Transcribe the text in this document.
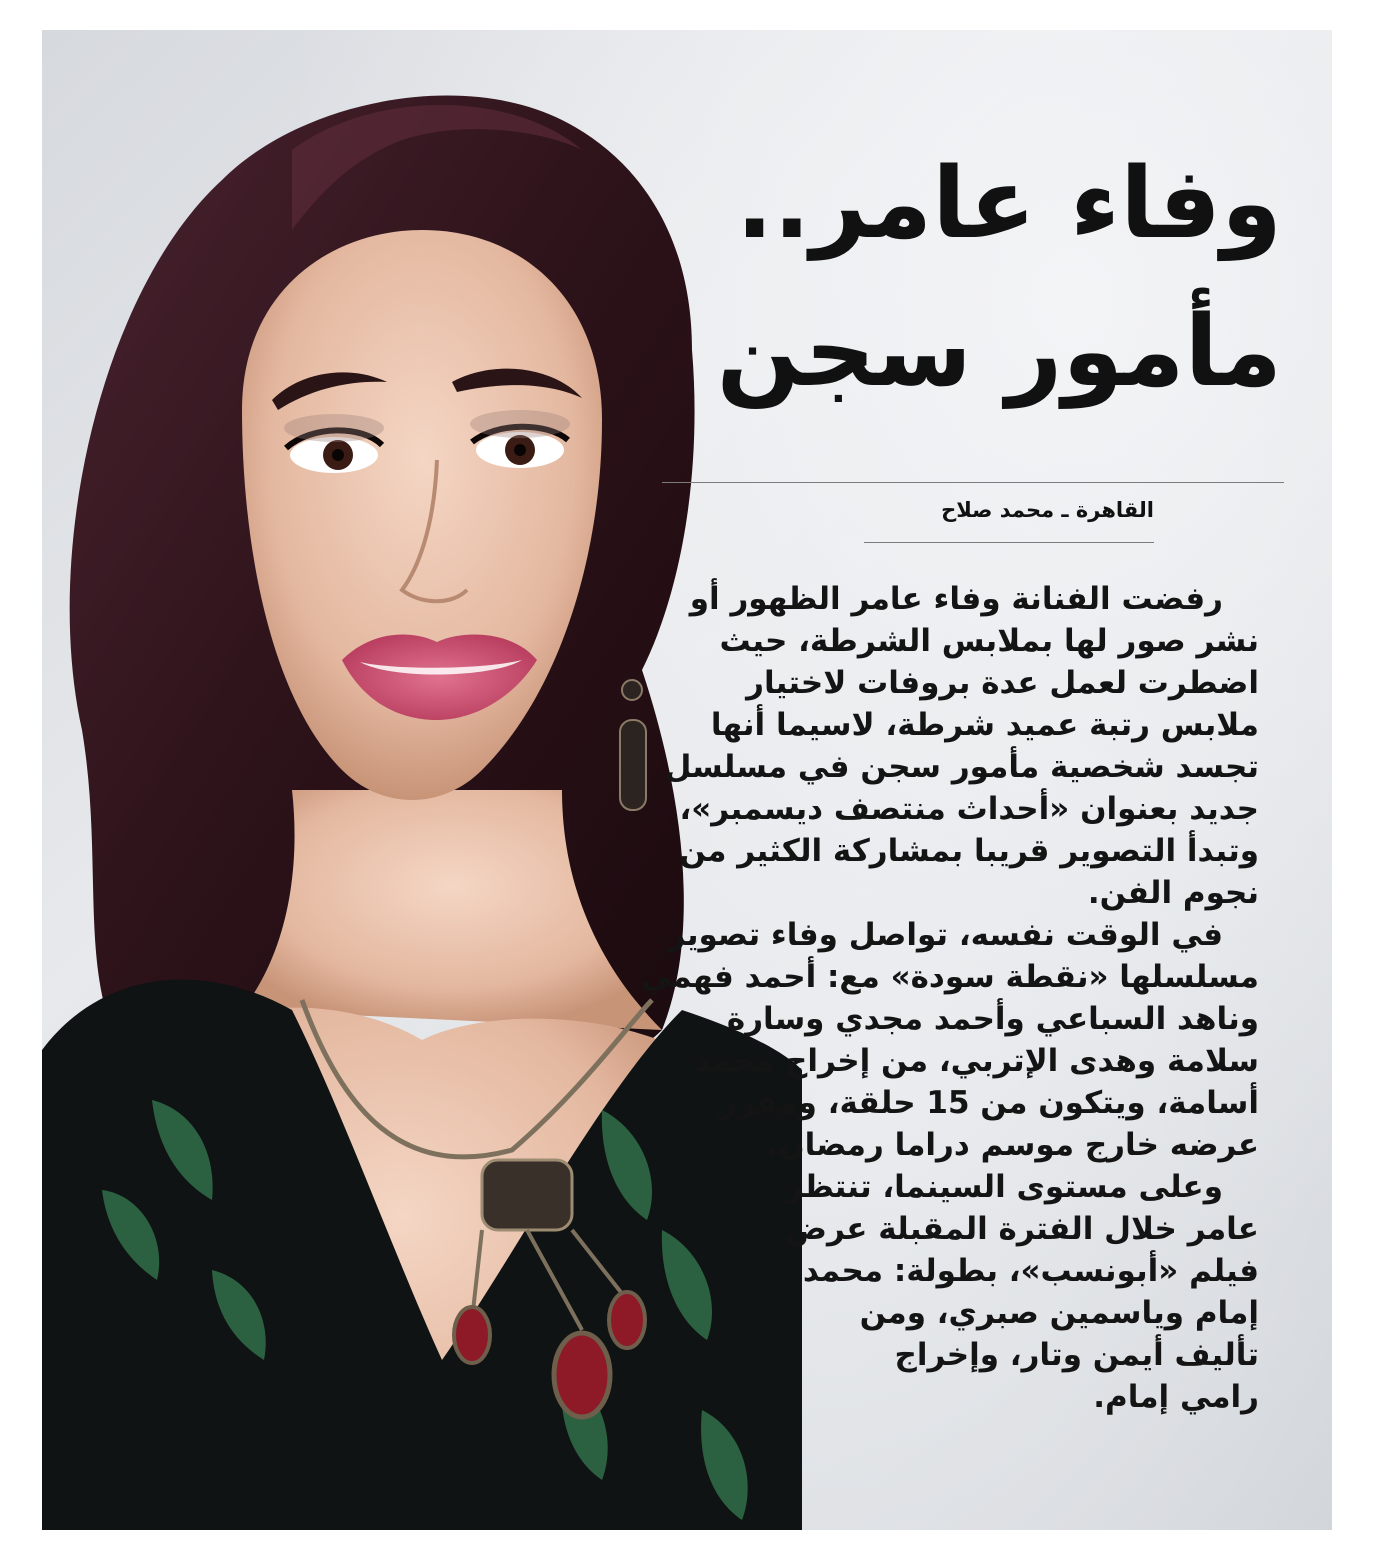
وفاء عامر..
مأمور سجن
القاهرة ـ محمد صلاح

رفضت الفنانة وفاء عامر الظهور أو
نشر صور لها بملابس الشرطة، حيث
اضطرت لعمل عدة بروفات لاختيار
ملابس رتبة عميد شرطة، لاسيما أنها
تجسد شخصية مأمور سجن في مسلسل
جديد بعنوان «أحداث منتصف ديسمبر»،
وتبدأ التصوير قريبا بمشاركة الكثير من
نجوم الفن.

في الوقت نفسه، تواصل وفاء تصوير
مسلسلها «نقطة سودة» مع: أحمد فهمي
وناهد السباعي وأحمد مجدي وسارة
سلامة وهدى الإتربي، من إخراج محمد
أسامة، ويتكون من 15 حلقة، ومقرر
عرضه خارج موسم دراما رمضان.

وعلى مستوى السينما، تنتظر
عامر خلال الفترة المقبلة عرض
فيلم «أبونسب»، بطولة: محمد
إمام وياسمين صبري، ومن
تأليف أيمن وتار، وإخراج
رامي إمام.
